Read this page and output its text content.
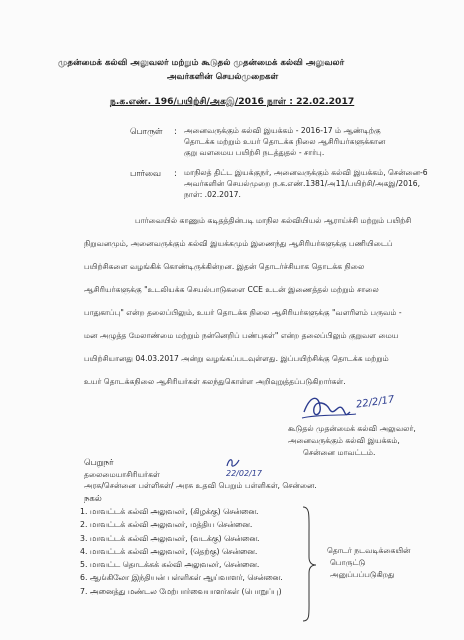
முதன்மைக் கல்வி அலுவலர் மற்றும் கூடுதல் முதன்மைக் கல்வி அலுவலர்
அவர்களின் செயல்முறைகள்
ந.க.எண். 196/பயிற்சி/அகஇ/2016 நாள் : 22.02.2017
பொருள் : அனைவருக்கும் கல்வி இயக்கம் - 2016-17 ம் ஆண்டிற்கு
தொடக்க மற்றும் உயர் தொடக்க நிலை ஆசிரியர்களுக்கான
குறு வளமைய பயிற்சி நடத்துதல் - சார்பு.
பார்வை : மாநிலத் திட்ட இயக்குநர், அனைவருக்கும் கல்வி இயக்கம், சென்னை-6
அவர்களின் செயல்முறை ந.க.எண்.1381/அ11/பயிற்சி/அகஇ/2016,
நாள்: .02.2017.
பார்வையில் காணும் கடிதத்தின்படி மாநில கல்வியியல் ஆராய்ச்சி மற்றும் பயிற்சி
நிறுவனமும், அனைவருக்கும் கல்வி இயக்கமும் இணைந்து ஆசிரியர்களுக்கு பணியிடைப்
பயிற்சிகளை வழங்கிக் கொண்டிருக்கின்றன. இதன் தொடர்ச்சியாக தொடக்க நிலை
ஆசிரியர்களுக்கு "உடலியக்க செயல்பாடுகளை CCE உடன் இணைத்தல் மற்றும் சாலை
பாதுகாப்பு" என்ற தலைப்பிலும், உயர் தொடக்க நிலை ஆசிரியர்களுக்கு "வளரிளம் பருவம் -
மன அழுத்த மேலாண்மை மற்றும் நன்னெறிப் பண்புகள்" என்ற தலைப்பிலும் குறுவள மைய
பயிற்சியானது 04.03.2017 அன்று வழங்கப்படவுள்ளது. இப்பயிற்சிக்கு தொடக்க மற்றும்
உயர் தொடக்கநிலை ஆசிரியர்கள் கலந்துகொள்ள அறிவுறுத்தப்படுகிறார்கள்.
22/2/17
கூடுதல் முதன்மைக் கல்வி அலுவலர்,
அனைவருக்கும் கல்வி இயக்கம்,
சென்னை மாவட்டம்.
22/02/17
பெறுநர்
தலைமையாசிரியர்கள்
அரசு/சென்னை பள்ளிகள்/ அரசு உதவி பெறும் பள்ளிகள், சென்னை.
நகல்
1. மாவட்டக் கல்வி அலுவலர், (கிழக்கு) சென்னை.
2. மாவட்டக் கல்வி அலுவலர், மத்திய சென்னை.
3. மாவட்டக் கல்வி அலுவலர், (வடக்கு) சென்னை.
4. மாவட்டக் கல்வி அலுவலர், (தெற்கு) சென்னை.
5. மாவட்ட தொடக்கக் கல்வி அலுவலர், சென்னை.
6. ஆங்கிலோ இந்தியன் பள்ளிகள் ஆய்வாளர், சென்னை.
7. அனைத்து மண்டல மேற்பார்வையாளர்கள் (பொறுப்பு)
தொடர் நடவடிக்கையின்
பொருட்டு
அனுப்பப்படுகிறது
